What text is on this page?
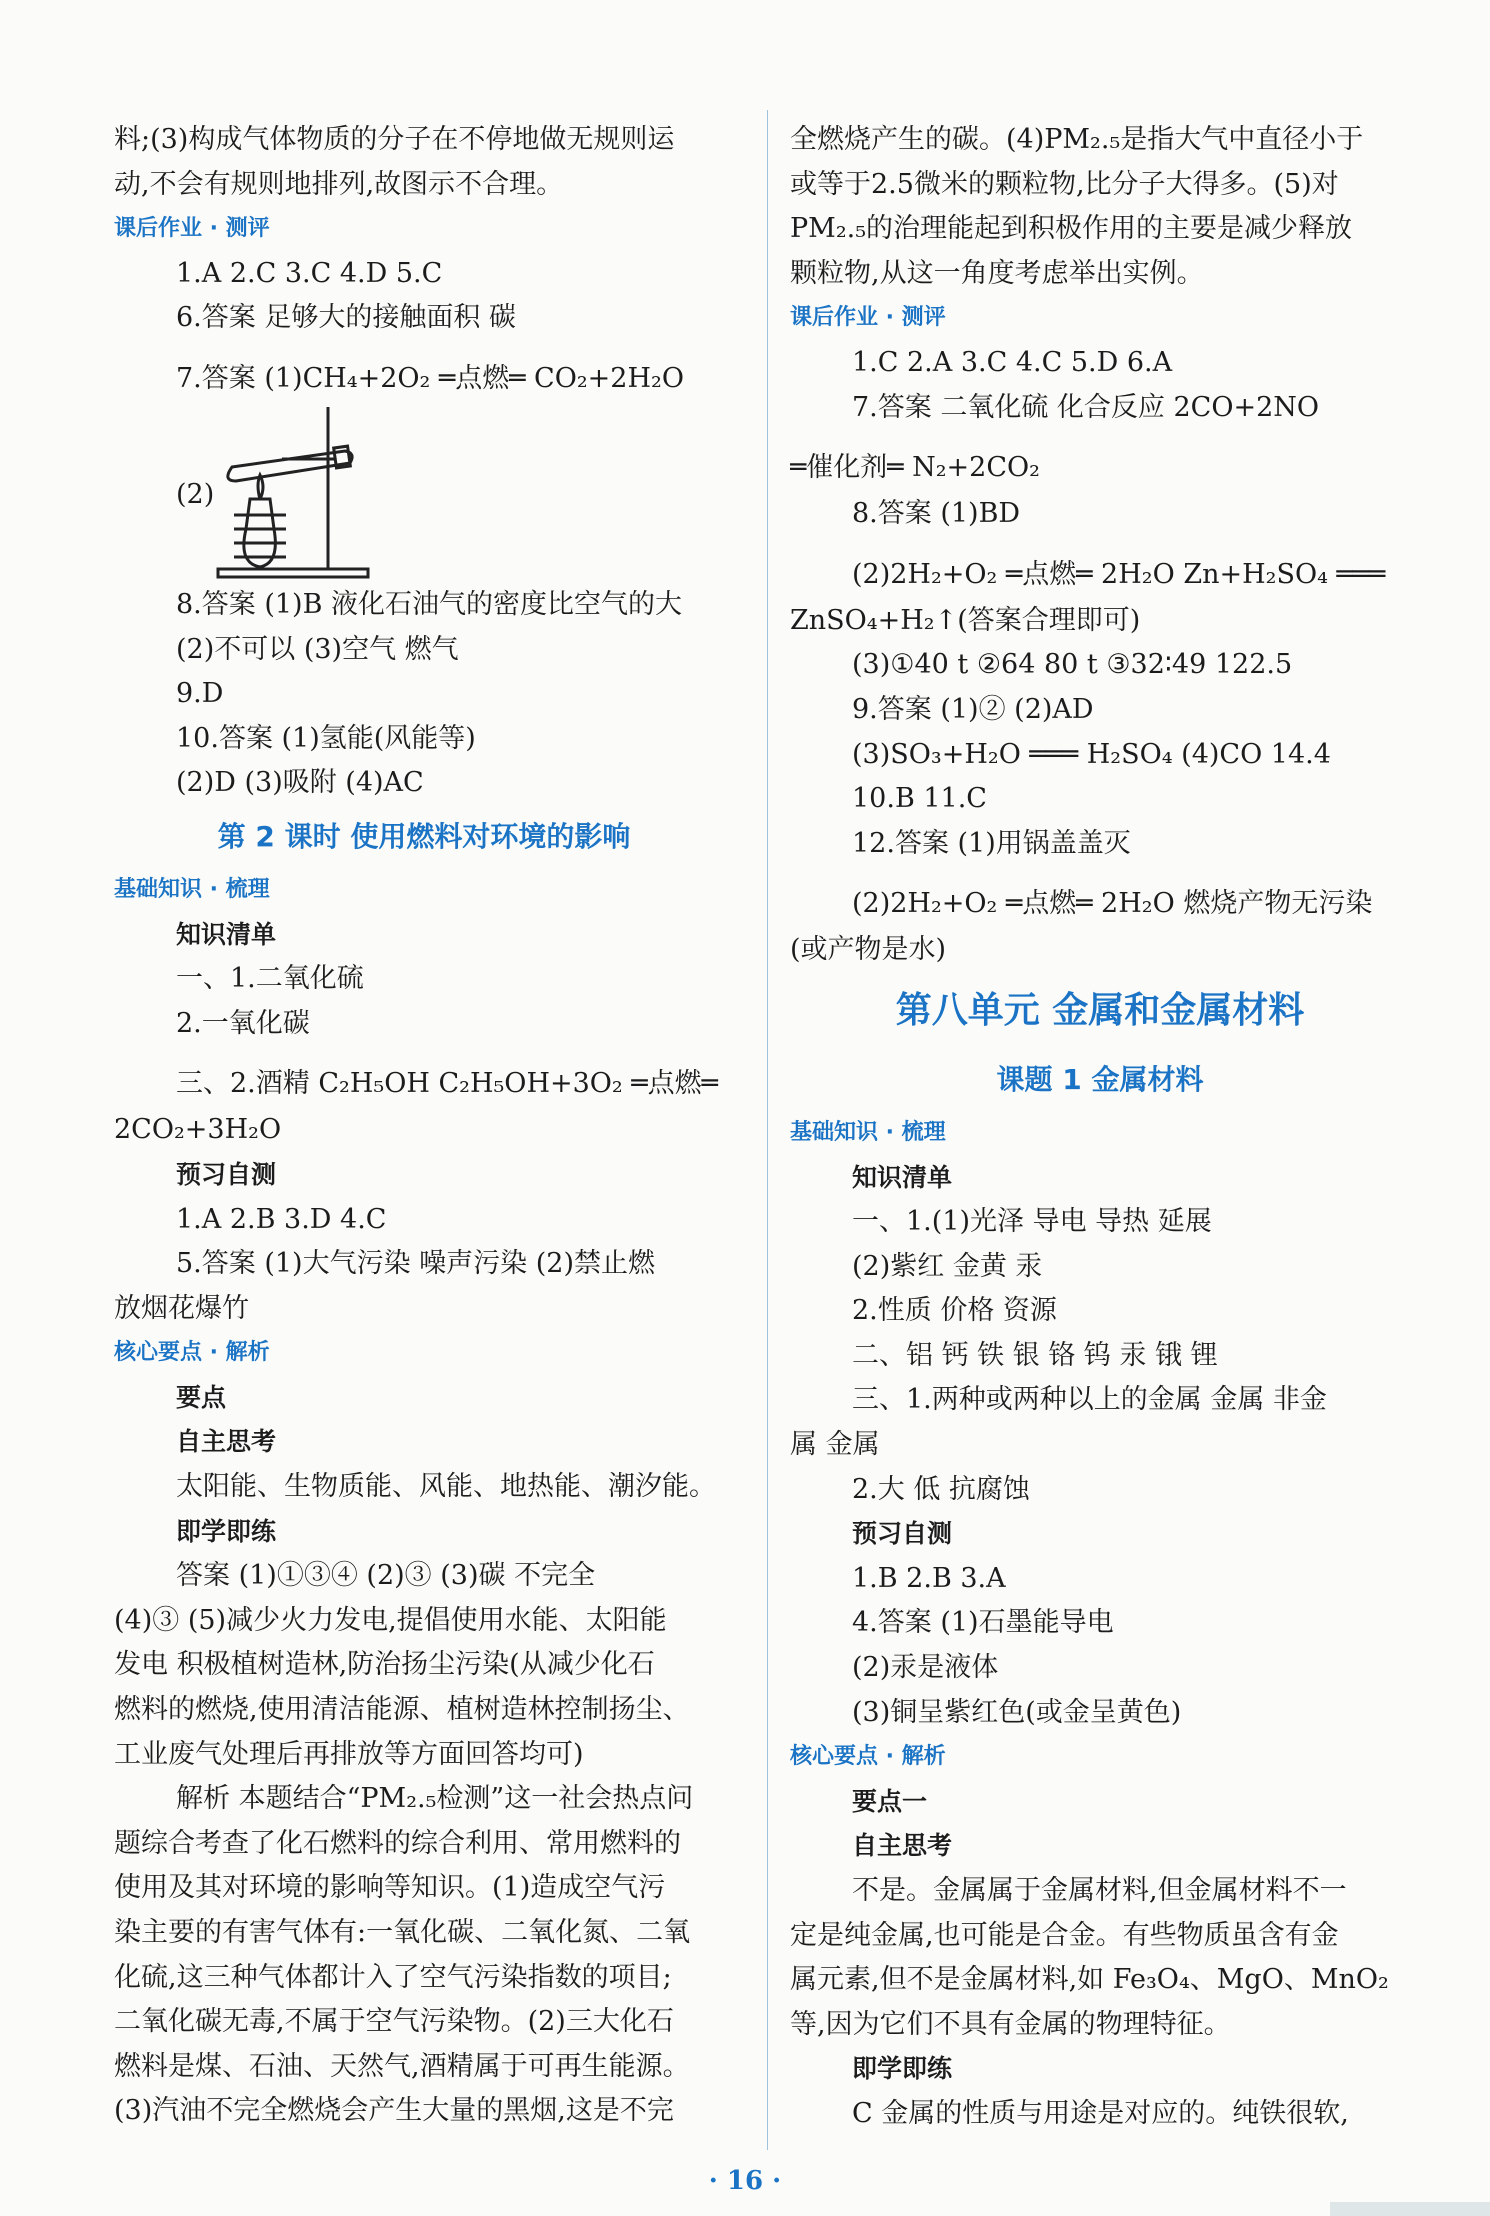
料;(3)构成气体物质的分子在不停地做无规则运
动,不会有规则地排列,故图示不合理。
课后作业 · 测评
1.A 2.C 3.C 4.D 5.C
6.答案 足够大的接触面积 碳
7.答案 (1)CH₄+2O₂ ═点燃═ CO₂+2H₂O
(2)
8.答案 (1)B 液化石油气的密度比空气的大
(2)不可以 (3)空气 燃气
9.D
10.答案 (1)氢能(风能等)
(2)D (3)吸附 (4)AC
第 2 课时 使用燃料对环境的影响
基础知识 · 梳理
知识清单
一、1.二氧化硫
2.一氧化碳
三、2.酒精 C₂H₅OH C₂H₅OH+3O₂ ═点燃═
2CO₂+3H₂O
预习自测
1.A 2.B 3.D 4.C
5.答案 (1)大气污染 噪声污染 (2)禁止燃
放烟花爆竹
核心要点 · 解析
要点
自主思考
太阳能、生物质能、风能、地热能、潮汐能。
即学即练
答案 (1)①③④ (2)③ (3)碳 不完全
(4)③ (5)减少火力发电,提倡使用水能、太阳能
发电 积极植树造林,防治扬尘污染(从减少化石
燃料的燃烧,使用清洁能源、植树造林控制扬尘、
工业废气处理后再排放等方面回答均可)
解析 本题结合“PM₂.₅检测”这一社会热点问
题综合考查了化石燃料的综合利用、常用燃料的
使用及其对环境的影响等知识。(1)造成空气污
染主要的有害气体有:一氧化碳、二氧化氮、二氧
化硫,这三种气体都计入了空气污染指数的项目;
二氧化碳无毒,不属于空气污染物。(2)三大化石
燃料是煤、石油、天然气,酒精属于可再生能源。
(3)汽油不完全燃烧会产生大量的黑烟,这是不完
全燃烧产生的碳。(4)PM₂.₅是指大气中直径小于
或等于2.5微米的颗粒物,比分子大得多。(5)对
PM₂.₅的治理能起到积极作用的主要是减少释放
颗粒物,从这一角度考虑举出实例。
课后作业 · 测评
1.C 2.A 3.C 4.C 5.D 6.A
7.答案 二氧化硫 化合反应 2CO+2NO
═催化剂═ N₂+2CO₂
8.答案 (1)BD
(2)2H₂+O₂ ═点燃═ 2H₂O Zn+H₂SO₄ ═══
ZnSO₄+H₂↑(答案合理即可)
(3)①40 t ②64 80 t ③32∶49 122.5
9.答案 (1)② (2)AD
(3)SO₃+H₂O ═══ H₂SO₄ (4)CO 14.4
10.B 11.C
12.答案 (1)用锅盖盖灭
(2)2H₂+O₂ ═点燃═ 2H₂O 燃烧产物无污染
(或产物是水)
第八单元 金属和金属材料
课题 1 金属材料
基础知识 · 梳理
知识清单
一、1.(1)光泽 导电 导热 延展
(2)紫红 金黄 汞
2.性质 价格 资源
二、铝 钙 铁 银 铬 钨 汞 锇 锂
三、1.两种或两种以上的金属 金属 非金
属 金属
2.大 低 抗腐蚀
预习自测
1.B 2.B 3.A
4.答案 (1)石墨能导电
(2)汞是液体
(3)铜呈紫红色(或金呈黄色)
核心要点 · 解析
要点一
自主思考
不是。金属属于金属材料,但金属材料不一
定是纯金属,也可能是合金。有些物质虽含有金
属元素,但不是金属材料,如 Fe₃O₄、MgO、MnO₂
等,因为它们不具有金属的物理特征。
即学即练
C 金属的性质与用途是对应的。纯铁很软,
· 16 ·
